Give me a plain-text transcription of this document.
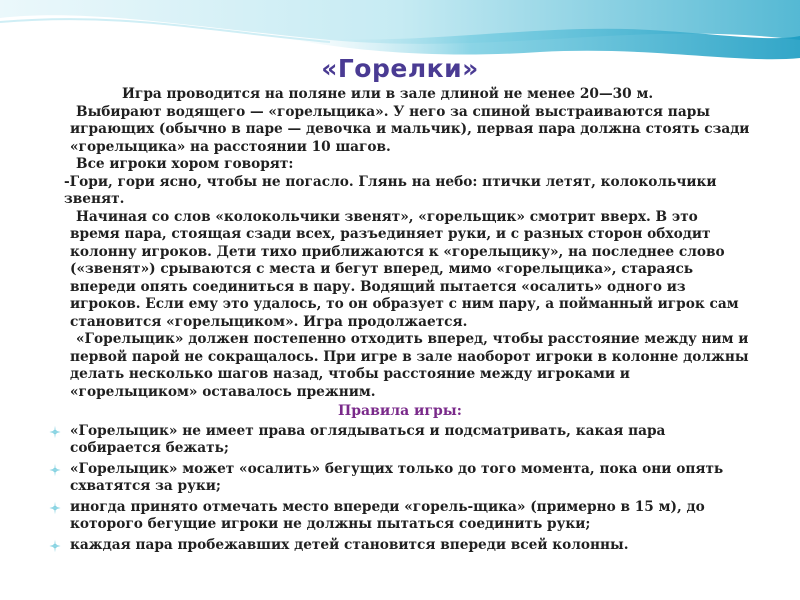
«Горелки»

Игра проводится на поляне или в зале длиной не менее 20—30 м.

Выбирают водящего — «горелыцика». У него за спиной выстраиваются пары играющих (обычно в паре — девочка и мальчик), первая пара должна стоять сзади «горелыцика» на расстоянии 10 шагов.

Все игроки хором говорят:

-Гори, гори ясно, чтобы не погасло. Глянь на небо: птички летят, колокольчики звенят.

Начиная со слов «колокольчики звенят», «горельщик» смотрит вверх. В это время пара, стоящая сзади всех, разъединяет руки, и с разных сторон обходит колонну игроков. Дети тихо приближаются к «горелыцику», на последнее слово («звенят») срываются с места и бегут вперед, мимо «горелыцика», стараясь впереди опять соединиться в пару. Водящий пытается «осалить» одного из игроков. Если ему это удалось, то он образует с ним пару, а пойманный игрок сам становится «горелыцикoм». Игра продолжается.

«Горелыцик» должен постепенно отходить вперед, чтобы расстояние между ним и первой парой не сокращалось. При игре в зале наоборот игроки в колонне должны делать несколько шагов назад, чтобы расстояние между игроками и «горелыцикoм» оставалось прежним.

Правила игры:
«Горелыцик» не имеет права оглядываться и подсматривать, какая пара собирается бежать;
«Горелыцик» может «осалить» бегущих только до того момента, пока они опять схватятся за руки;
иногда принято отмечать место впереди «горель-щика» (примерно в 15 м), до которого бегущие игроки не должны пытаться соединить руки;
каждая пара пробежавших детей становится впереди всей колонны.
